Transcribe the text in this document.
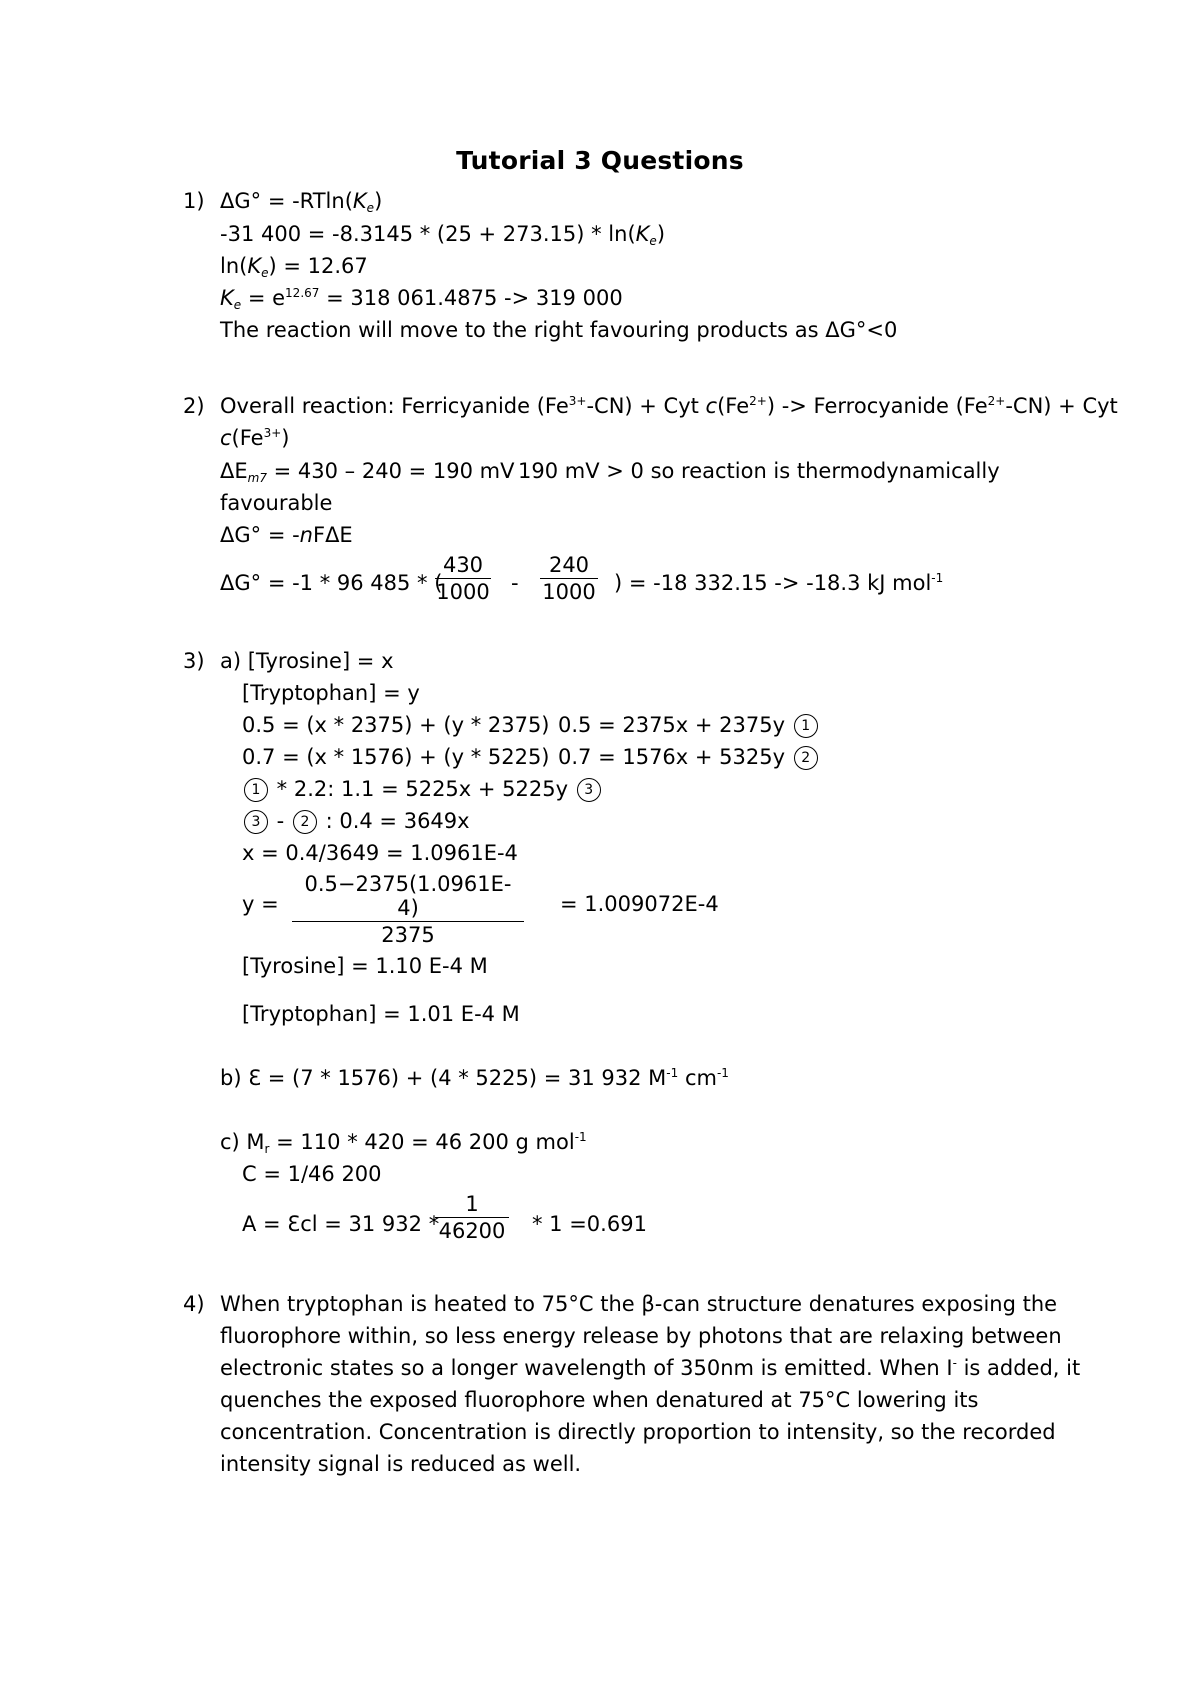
Tutorial 3 Questions
1) $\Delta G^\circ = -RTln(K_e)$
-31 $400 = -8.3145 * (25 + 273.15) * \ln(K_e)$
$\ln(K_e) = 12.67$
$K_e = e^{12.67} = 318$ 061.4875 -> 319 000
The reaction will move to the right favouring products as ΔG°<0
2) Overall reaction: Ferricyanide $(Fe^{3+}-CN)$ + Cyt $c(Fe^{2+})$ -> Ferrocyanide $(Fe^{2+}-CN)$ + Cyt
$c(Fe^{3+})$
$\Delta E_{m7} = 430 - 240 = 190$ mV 190 mV > 0 so reaction is thermodynamically
favourable
ΔG° = -nFΔE
ΔG° = -1 * 96 485 * (
430
1000 -
240
1000 ) = -18 332.15 -> -18.3 kJ mol$^{-1}$
3) a) [Tyrosine] = x
[Tryptophan] = y
0.5 = (x * 2375) + (y * 2375) 0.5 = 2375x + 2375y 1
0.7 = (x * 1576) + (y * 5225) 0.7 = 1576x + 5325y 2
1 * 2.2: 1.1 = 5225x + 5225y 3
3 - 2 : 0.4 = 3649x
x = 0.4/3649 = 1.0961E-4
y =
0.5−2375(1.0961E-4)
2375
= 1.009072E-4
[Tyrosine] = 1.10 E-4 M
[Tryptophan] = 1.01 E-4 M
b) Ɛ = (7 * 1576) + (4 * 5225) = 31 932 $M^{-1}$ $cm^{-1}$
c) $M_r = 110 * 420 = 46$ 200 g mol$^{-1}$
C = 1/46 200
A = Ɛcl = 31 932 *
1
46200 * 1 =0.691
4) When tryptophan is heated to 75°C the β-can structure denatures exposing the
fluorophore within, so less energy release by photons that are relaxing between
electronic states so a longer wavelength of 350nm is emitted. When I- is added, it
quenches the exposed fluorophore when denatured at 75°C lowering its
concentration. Concentration is directly proportion to intensity, so the recorded
intensity signal is reduced as well.
